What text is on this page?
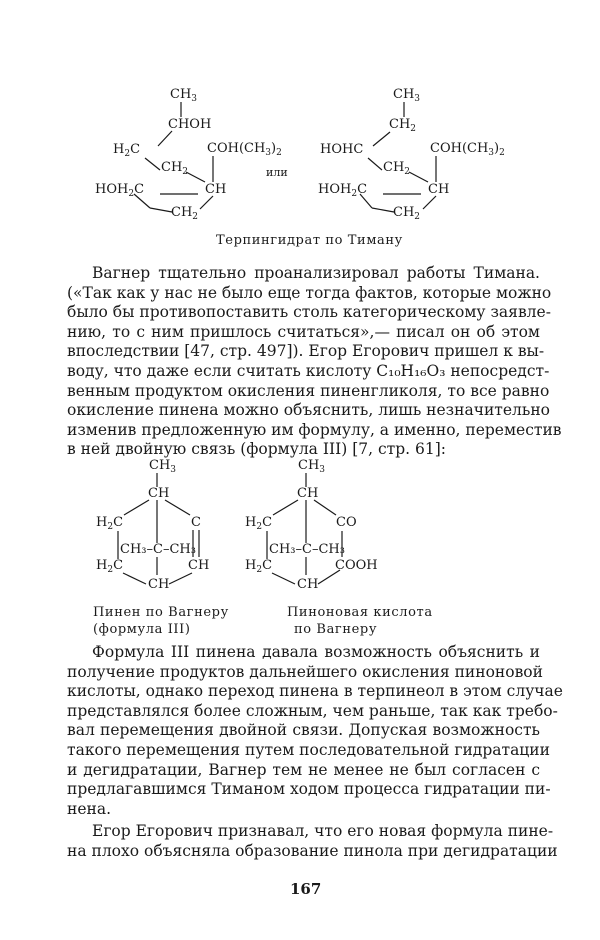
$CH_3$
CHOH
$H_2C$
$CH_2$
$COH(CH_3)_2$
$HOH_2C$	CH
$CH_2$
или
$CH_3$
$CH_2$
HOHC
$CH_2$
$COH(CH_3)_2$
$HOH_2C$	CH
$CH_2$
Терпингидрат по Тиману
Вагнер тщательно проанализировал работы Тимана.
(«Так как у нас не было еще тогда фактов, которые можно
было бы противопоставить столь категорическому заявле-
нию, то с ним пришлось считаться»,— писал он об этом
впоследствии [47, стр. 497]). Егор Егорович пришел к вы-
воду, что даже если считать кислоту C₁₀H₁₆O₃ непосредст-
венным продуктом окисления пиненгликоля, то все равно
окисление пинена можно объяснить, лишь незначительно
изменив предложенную им формулу, а именно, переместив
в ней двойную связь (формула III) [7, стр. 61]:
$CH_3$
CH
$H_2C$	C
CH₃–C–CH₃
$H_2C$	CH
CH
$CH_3$
CH
$H_2C$	CO
CH₃–C–CH₃
$H_2C$	COOH
CH
Пинен по Вагнеру
(формула III)
Пиноновая кислота
по Вагнеру
Формула III пинена давала возможность объяснить и
получение продуктов дальнейшего окисления пиноновой
кислоты, однако переход пинена в терпинеол в этом случае
представлялся более сложным, чем раньше, так как требо-
вал перемещения двойной связи. Допуская возможность
такого перемещения путем последовательной гидратации
и дегидратации, Вагнер тем не менее не был согласен с
предлагавшимся Тиманом ходом процесса гидратации пи-
нена.
Егор Егорович признавал, что его новая формула пине-
на плохо объясняла образование пинола при дегидратации
167
